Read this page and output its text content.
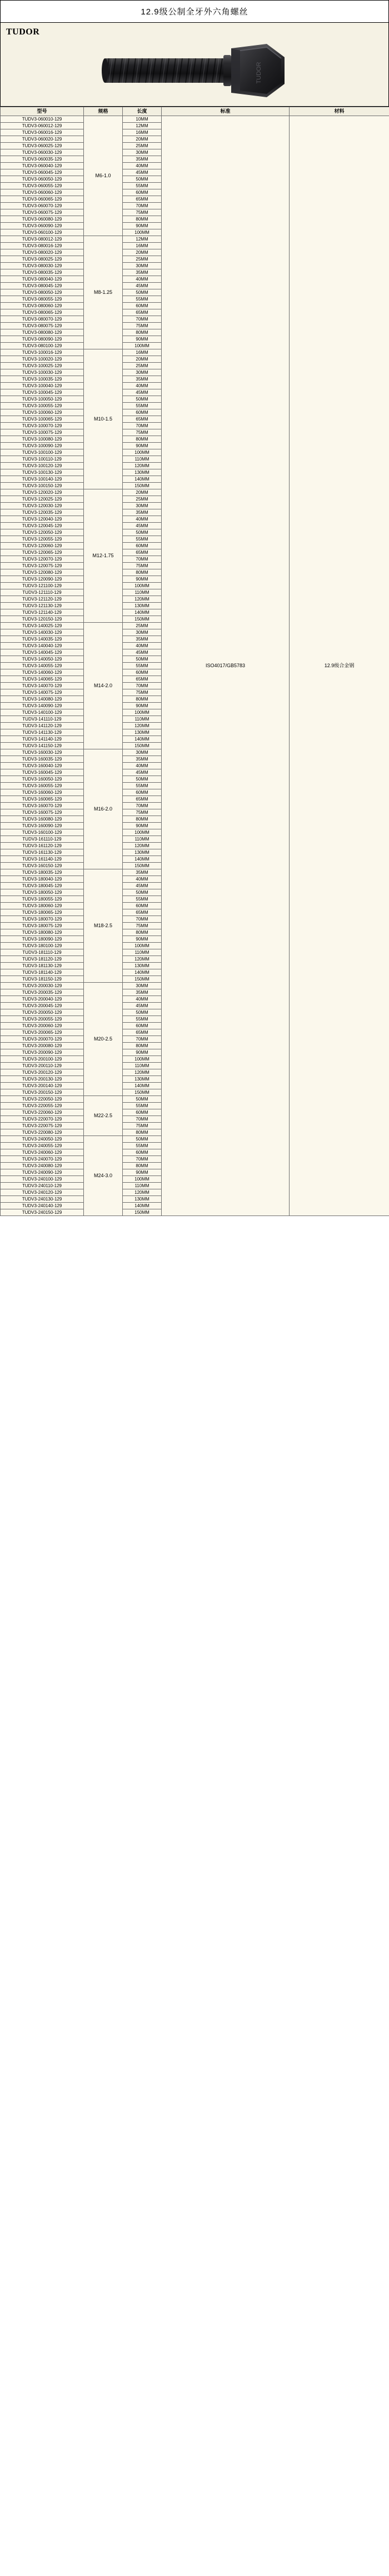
12.9级公制全牙外六角螺丝
TUDOR
TUDOR
型号	规格	长度	标准	材料
TUDV3-060010-129	M6-1.0	10MM	ISO4017/GB5783	12.9级合金钢
TUDV3-060012-129		12MM		
TUDV3-060016-129		16MM		
TUDV3-060020-129		20MM		
TUDV3-060025-129		25MM		
TUDV3-060030-129		30MM		
TUDV3-060035-129		35MM		
TUDV3-060040-129		40MM		
TUDV3-060045-129		45MM		
TUDV3-060050-129		50MM		
TUDV3-060055-129		55MM		
TUDV3-060060-129		60MM		
TUDV3-060065-129		65MM		
TUDV3-060070-129		70MM		
TUDV3-060075-129		75MM		
TUDV3-060080-129		80MM		
TUDV3-060090-129		90MM		
TUDV3-060100-129		100MM		
TUDV3-080012-129	M8-1.25	12MM		
TUDV3-080016-129		16MM		
TUDV3-080020-129		20MM		
TUDV3-080025-129		25MM		
TUDV3-080030-129		30MM		
TUDV3-080035-129		35MM		
TUDV3-080040-129		40MM		
TUDV3-080045-129		45MM		
TUDV3-080050-129		50MM		
TUDV3-080055-129		55MM		
TUDV3-080060-129		60MM		
TUDV3-080065-129		65MM		
TUDV3-080070-129		70MM		
TUDV3-080075-129		75MM		
TUDV3-080080-129		80MM		
TUDV3-080090-129		90MM		
TUDV3-080100-129		100MM		
TUDV3-100016-129	M10-1.5	16MM		
TUDV3-100020-129		20MM		
TUDV3-100025-129		25MM		
TUDV3-100030-129		30MM		
TUDV3-100035-129		35MM		
TUDV3-100040-129		40MM		
TUDV3-100045-129		45MM		
TUDV3-100050-129		50MM		
TUDV3-100055-129		55MM		
TUDV3-100060-129		60MM		
TUDV3-100065-129		65MM		
TUDV3-100070-129		70MM		
TUDV3-100075-129		75MM		
TUDV3-100080-129		80MM		
TUDV3-100090-129		90MM		
TUDV3-100100-129		100MM		
TUDV3-100110-129		110MM		
TUDV3-100120-129		120MM		
TUDV3-100130-129		130MM		
TUDV3-100140-129		140MM		
TUDV3-100150-129		150MM		
TUDV3-120020-129	M12-1.75	20MM		
TUDV3-120025-129		25MM		
TUDV3-120030-129		30MM		
TUDV3-120035-129		35MM		
TUDV3-120040-129		40MM		
TUDV3-120045-129		45MM		
TUDV3-120050-129		50MM		
TUDV3-120055-129		55MM		
TUDV3-120060-129		60MM		
TUDV3-120065-129		65MM		
TUDV3-120070-129		70MM		
TUDV3-120075-129		75MM		
TUDV3-120080-129		80MM		
TUDV3-120090-129		90MM		
TUDV3-121100-129		100MM		
TUDV3-121110-129		110MM		
TUDV3-121120-129		120MM		
TUDV3-121130-129		130MM		
TUDV3-121140-129		140MM		
TUDV3-120150-129		150MM		
TUDV3-140025-129	M14-2.0	25MM		
TUDV3-140030-129		30MM		
TUDV3-140035-129		35MM		
TUDV3-140040-129		40MM		
TUDV3-140045-129		45MM		
TUDV3-140050-129		50MM		
TUDV3-140055-129		55MM		
TUDV3-140060-129		60MM		
TUDV3-140065-129		65MM		
TUDV3-140070-129		70MM		
TUDV3-140075-129		75MM		
TUDV3-140080-129		80MM		
TUDV3-140090-129		90MM		
TUDV3-140100-129		100MM		
TUDV3-141110-129		110MM		
TUDV3-141120-129		120MM		
TUDV3-141130-129		130MM		
TUDV3-141140-129		140MM		
TUDV3-141150-129		150MM		
TUDV3-160030-129	M16-2.0	30MM		
TUDV3-160035-129		35MM		
TUDV3-160040-129		40MM		
TUDV3-160045-129		45MM		
TUDV3-160050-129		50MM		
TUDV3-160055-129		55MM		
TUDV3-160060-129		60MM		
TUDV3-160065-129		65MM		
TUDV3-160070-129		70MM		
TUDV3-160075-129		75MM		
TUDV3-160080-129		80MM		
TUDV3-160090-129		90MM		
TUDV3-160100-129		100MM		
TUDV3-161110-129		110MM		
TUDV3-161120-129		120MM		
TUDV3-161130-129		130MM		
TUDV3-161140-129		140MM		
TUDV3-160150-129		150MM		
TUDV3-180035-129	M18-2.5	35MM		
TUDV3-180040-129		40MM		
TUDV3-180045-129		45MM		
TUDV3-180050-129		50MM		
TUDV3-180055-129		55MM		
TUDV3-180060-129		60MM		
TUDV3-180065-129		65MM		
TUDV3-180070-129		70MM		
TUDV3-180075-129		75MM		
TUDV3-180080-129		80MM		
TUDV3-180090-129		90MM		
TUDV3-180100-129		100MM		
TUDV3-181110-129		110MM		
TUDV3-181120-129		120MM		
TUDV3-181130-129		130MM		
TUDV3-181140-129		140MM		
TUDV3-181150-129		150MM		
TUDV3-200030-129	M20-2.5	30MM		
TUDV3-200035-129		35MM		
TUDV3-200040-129		40MM		
TUDV3-200045-129		45MM		
TUDV3-200050-129		50MM		
TUDV3-200055-129		55MM		
TUDV3-200060-129		60MM		
TUDV3-200065-129		65MM		
TUDV3-200070-129		70MM		
TUDV3-200080-129		80MM		
TUDV3-200090-129		90MM		
TUDV3-200100-129		100MM		
TUDV3-200110-129		110MM		
TUDV3-200120-129		120MM		
TUDV3-200130-129		130MM		
TUDV3-200140-129		140MM		
TUDV3-200150-129		150MM		
TUDV3-220050-129	M22-2.5	50MM		
TUDV3-220055-129		55MM		
TUDV3-220060-129		60MM		
TUDV3-220070-129		70MM		
TUDV3-220075-129		75MM		
TUDV3-220080-129		80MM		
TUDV3-240050-129	M24-3.0	50MM		
TUDV3-240055-129		55MM		
TUDV3-240060-129		60MM		
TUDV3-240070-129		70MM		
TUDV3-240080-129		80MM		
TUDV3-240090-129		90MM		
TUDV3-240100-129		100MM		
TUDV3-240110-129		110MM		
TUDV3-240120-129		120MM		
TUDV3-240130-129		130MM		
TUDV3-240140-129		140MM		
TUDV3-240150-129		150MM		
